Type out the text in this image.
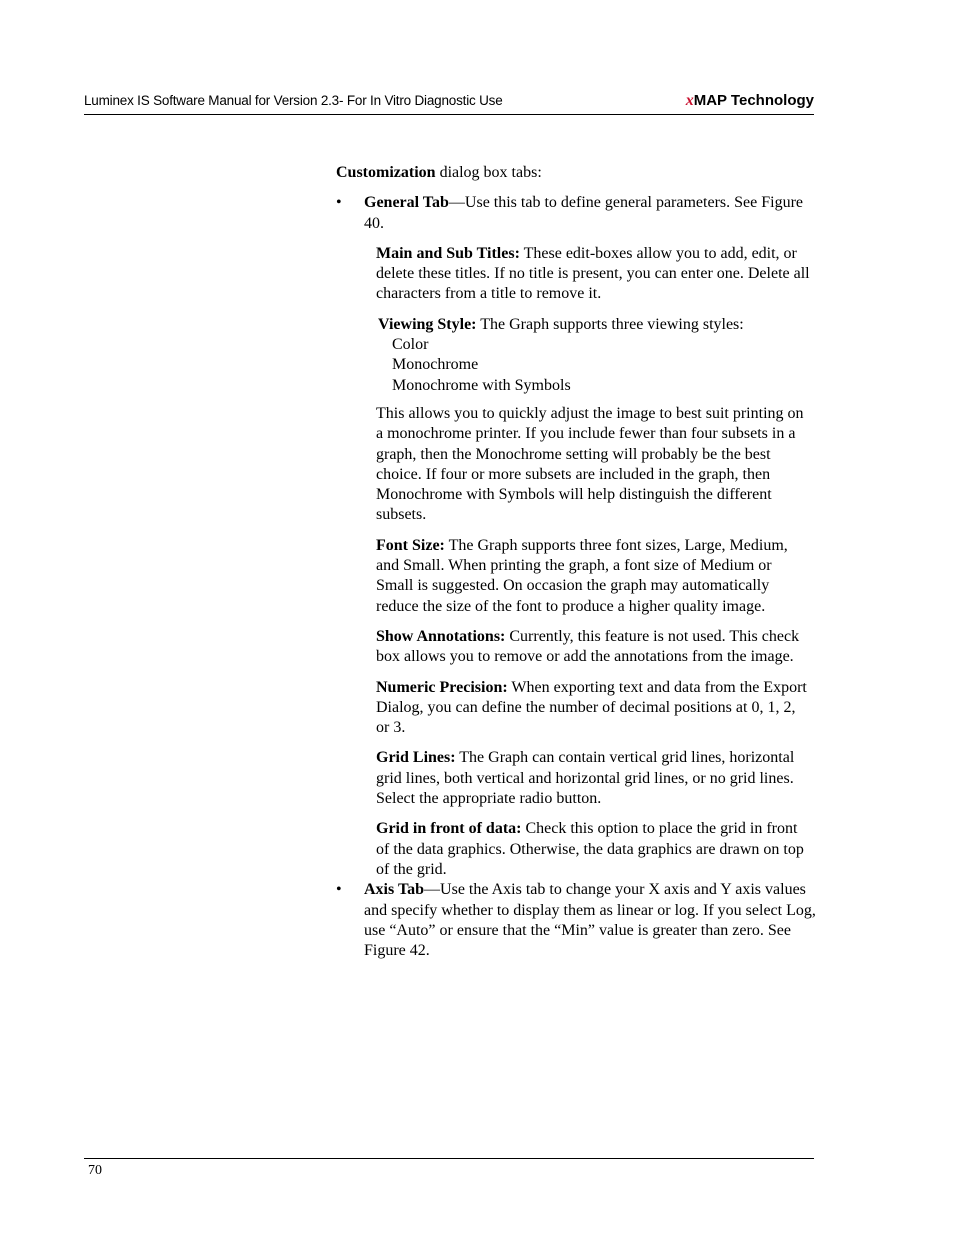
Luminex IS Software Manual for Version 2.3- For In Vitro Diagnostic Use	xMAP Technology

Customization dialog box tabs:

• General Tab—Use this tab to define general parameters. See Figure 40.

Main and Sub Titles: These edit-boxes allow you to add, edit, or delete these titles. If no title is present, you can enter one. Delete all characters from a title to remove it.

Viewing Style: The Graph supports three viewing styles:

Color

Monochrome

Monochrome with Symbols

This allows you to quickly adjust the image to best suit printing on a monochrome printer. If you include fewer than four subsets in a graph, then the Monochrome setting will probably be the best choice. If four or more subsets are included in the graph, then Monochrome with Symbols will help distinguish the different subsets.

Font Size: The Graph supports three font sizes, Large, Medium, and Small. When printing the graph, a font size of Medium or Small is suggested. On occasion the graph may automatically reduce the size of the font to produce a higher quality image.

Show Annotations: Currently, this feature is not used. This check box allows you to remove or add the annotations from the image.

Numeric Precision: When exporting text and data from the Export Dialog, you can define the number of decimal positions at 0, 1, 2, or 3.

Grid Lines: The Graph can contain vertical grid lines, horizontal grid lines, both vertical and horizontal grid lines, or no grid lines. Select the appropriate radio button.

Grid in front of data: Check this option to place the grid in front of the data graphics. Otherwise, the data graphics are drawn on top of the grid.

• Axis Tab—Use the Axis tab to change your X axis and Y axis values and specify whether to display them as linear or log. If you select Log, use “Auto” or ensure that the “Min” value is greater than zero. See Figure 42.

70
